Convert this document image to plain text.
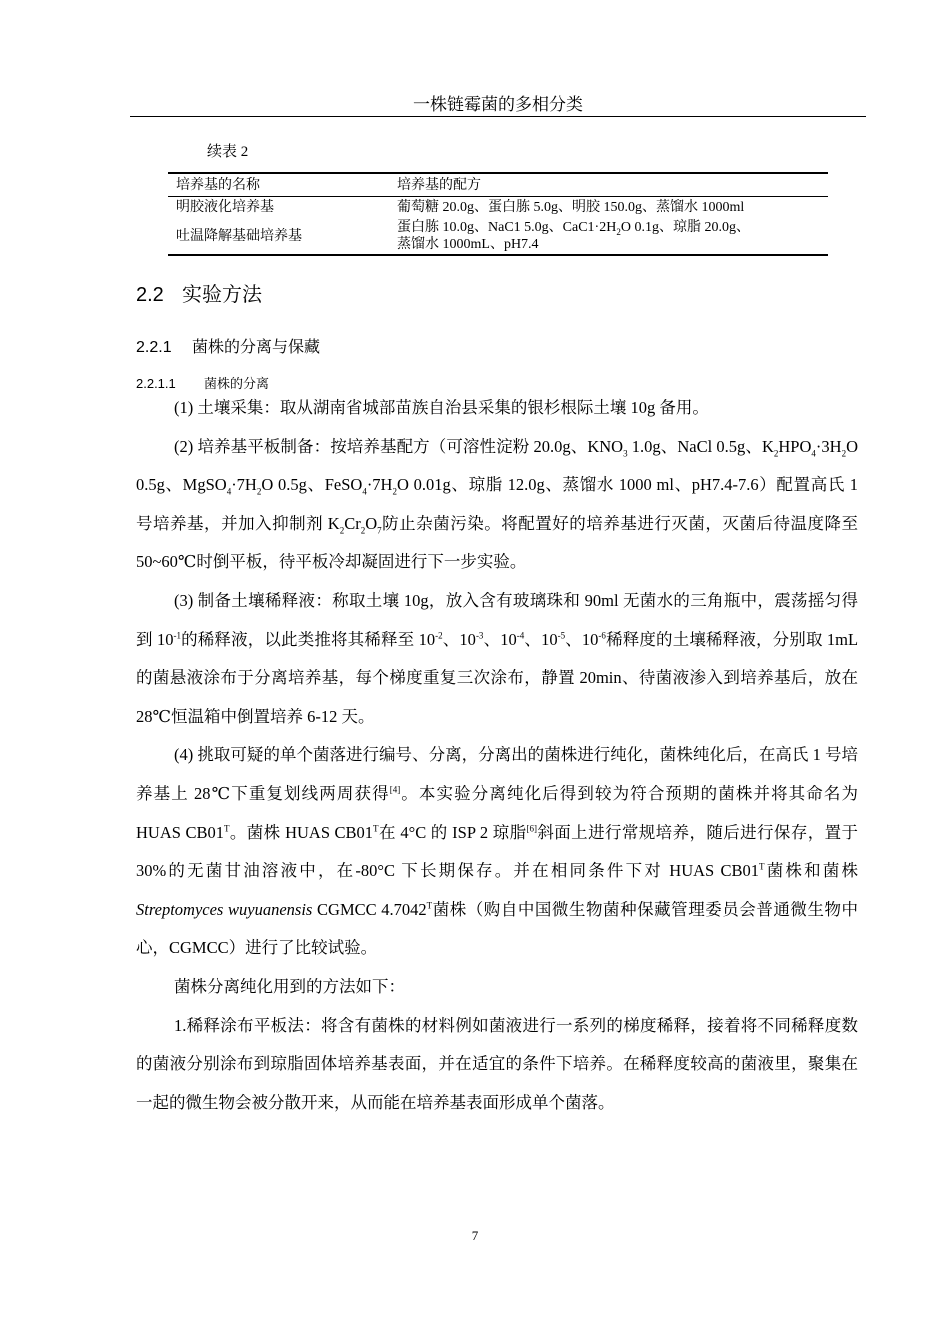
一株链霉菌的多相分类
续表 2
培养基的名称	培养基的配方
明胶液化培养基	葡萄糖 20.0g、蛋白胨 5.0g、明胶 150.0g、蒸馏水 1000ml
吐温降解基础培养基	蛋白胨 10.0g、NaC1 5.0g、$CaC1\cdot 2H_2O$ 0.1g、琼脂 20.0g、
蒸馏水 1000mL、pH7.4
2.2 实验方法
2.2.1 菌株的分离与保藏
2.2.1.1 菌株的分离

(1) 土壤采集：取从湖南省城部苗族自治县采集的银杉根际土壤 10g 备用。

(2) 培养基平板制备：按培养基配方（可溶性淀粉 20.0g、$KNO_3$ 1.0g、NaCl 0.5g、$K_2HPO_4\cdot 3H_2O$ 0.5g、$MgSO_4\cdot 7H_2O$ 0.5g、$FeSO_4\cdot 7H_2O$ 0.01g、琼脂 12.0g、蒸馏水 1000 ml、pH7.4-7.6）配置高氏 1 号培养基，并加入抑制剂 $K_2Cr_2O_7$防止杂菌污染。将配置好的培养基进行灭菌，灭菌后待温度降至 50~60℃时倒平板，待平板冷却凝固进行下一步实验。

(3) 制备土壤稀释液：称取土壤 10g，放入含有玻璃珠和 90ml 无菌水的三角瓶中，震荡摇匀得到 $10^{-1}$的稀释液，以此类推将其稀释至 $10^{-2}$、$10^{-3}$、$10^{-4}$、$10^{-5}$、$10^{-6}$稀释度的土壤稀释液，分别取 1mL 的菌悬液涂布于分离培养基，每个梯度重复三次涂布，静置 20min、待菌液渗入到培养基后，放在 28℃恒温箱中倒置培养 6-12 天。

(4) 挑取可疑的单个菌落进行编号、分离，分离出的菌株进行纯化，菌株纯化后，在高氏 1 号培养基上 28℃下重复划线两周获得[4]。本实验分离纯化后得到较为符合预期的菌株并将其命名为 HUAS $CB01^T$。菌株 HUAS $CB01^T$在 4°C 的 ISP 2 琼脂[6]斜面上进行常规培养，随后进行保存，置于 30%的无菌甘油溶液中，在-80°C 下长期保存。并在相同条件下对 HUAS $CB01^T$菌株和菌株 Streptomyces wuyuanensis CGMCC $4.7042^T$菌株（购自中国微生物菌种保藏管理委员会普通微生物中心，CGMCC）进行了比较试验。

菌株分离纯化用到的方法如下：

1.稀释涂布平板法：将含有菌株的材料例如菌液进行一系列的梯度稀释，接着将不同稀释度数的菌液分别涂布到琼脂固体培养基表面，并在适宜的条件下培养。在稀释度较高的菌液里，聚集在一起的微生物会被分散开来，从而能在培养基表面形成单个菌落。

7
